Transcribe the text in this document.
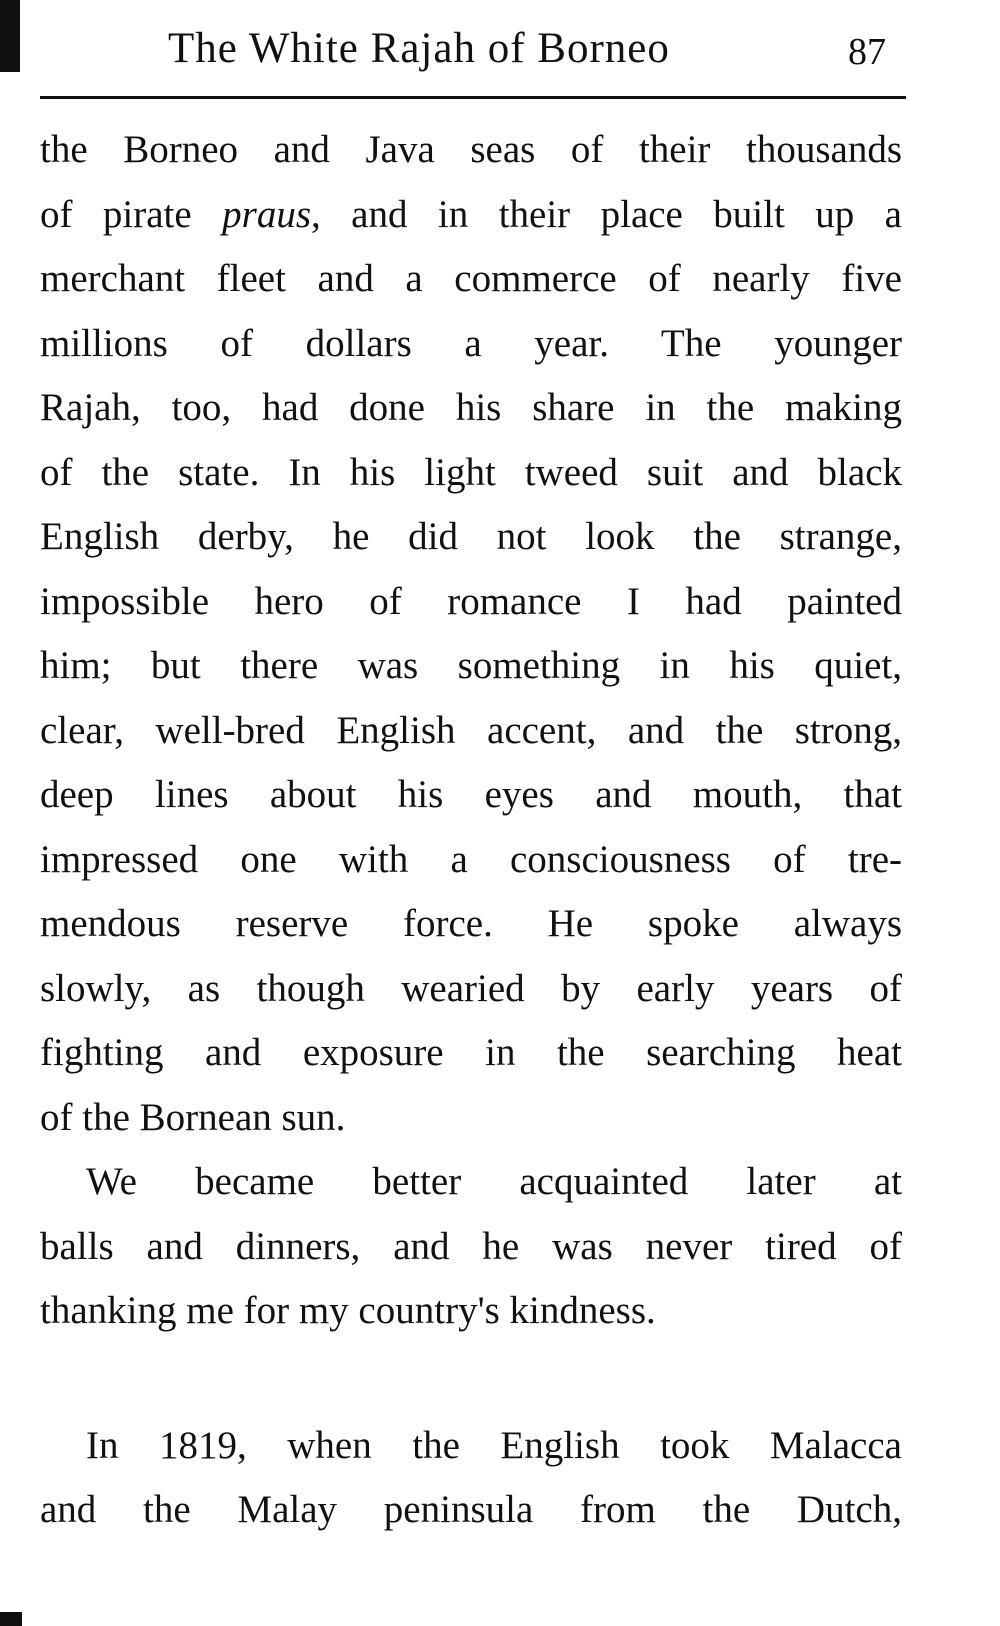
The White Rajah of Borneo	87
the Borneo and Java seas of their thousands
of pirate praus, and in their place built up a
merchant fleet and a commerce of nearly five
millions of dollars a year. The younger
Rajah, too, had done his share in the making
of the state. In his light tweed suit and black
English derby, he did not look the strange,
impossible hero of romance I had painted
him; but there was something in his quiet,
clear, well-bred English accent, and the strong,
deep lines about his eyes and mouth, that
impressed one with a consciousness of tre-
mendous reserve force. He spoke always
slowly, as though wearied by early years of
fighting and exposure in the searching heat
of the Bornean sun.
We became better acquainted later at
balls and dinners, and he was never tired of
thanking me for my country's kindness.
In 1819, when the English took Malacca
and the Malay peninsula from the Dutch,
